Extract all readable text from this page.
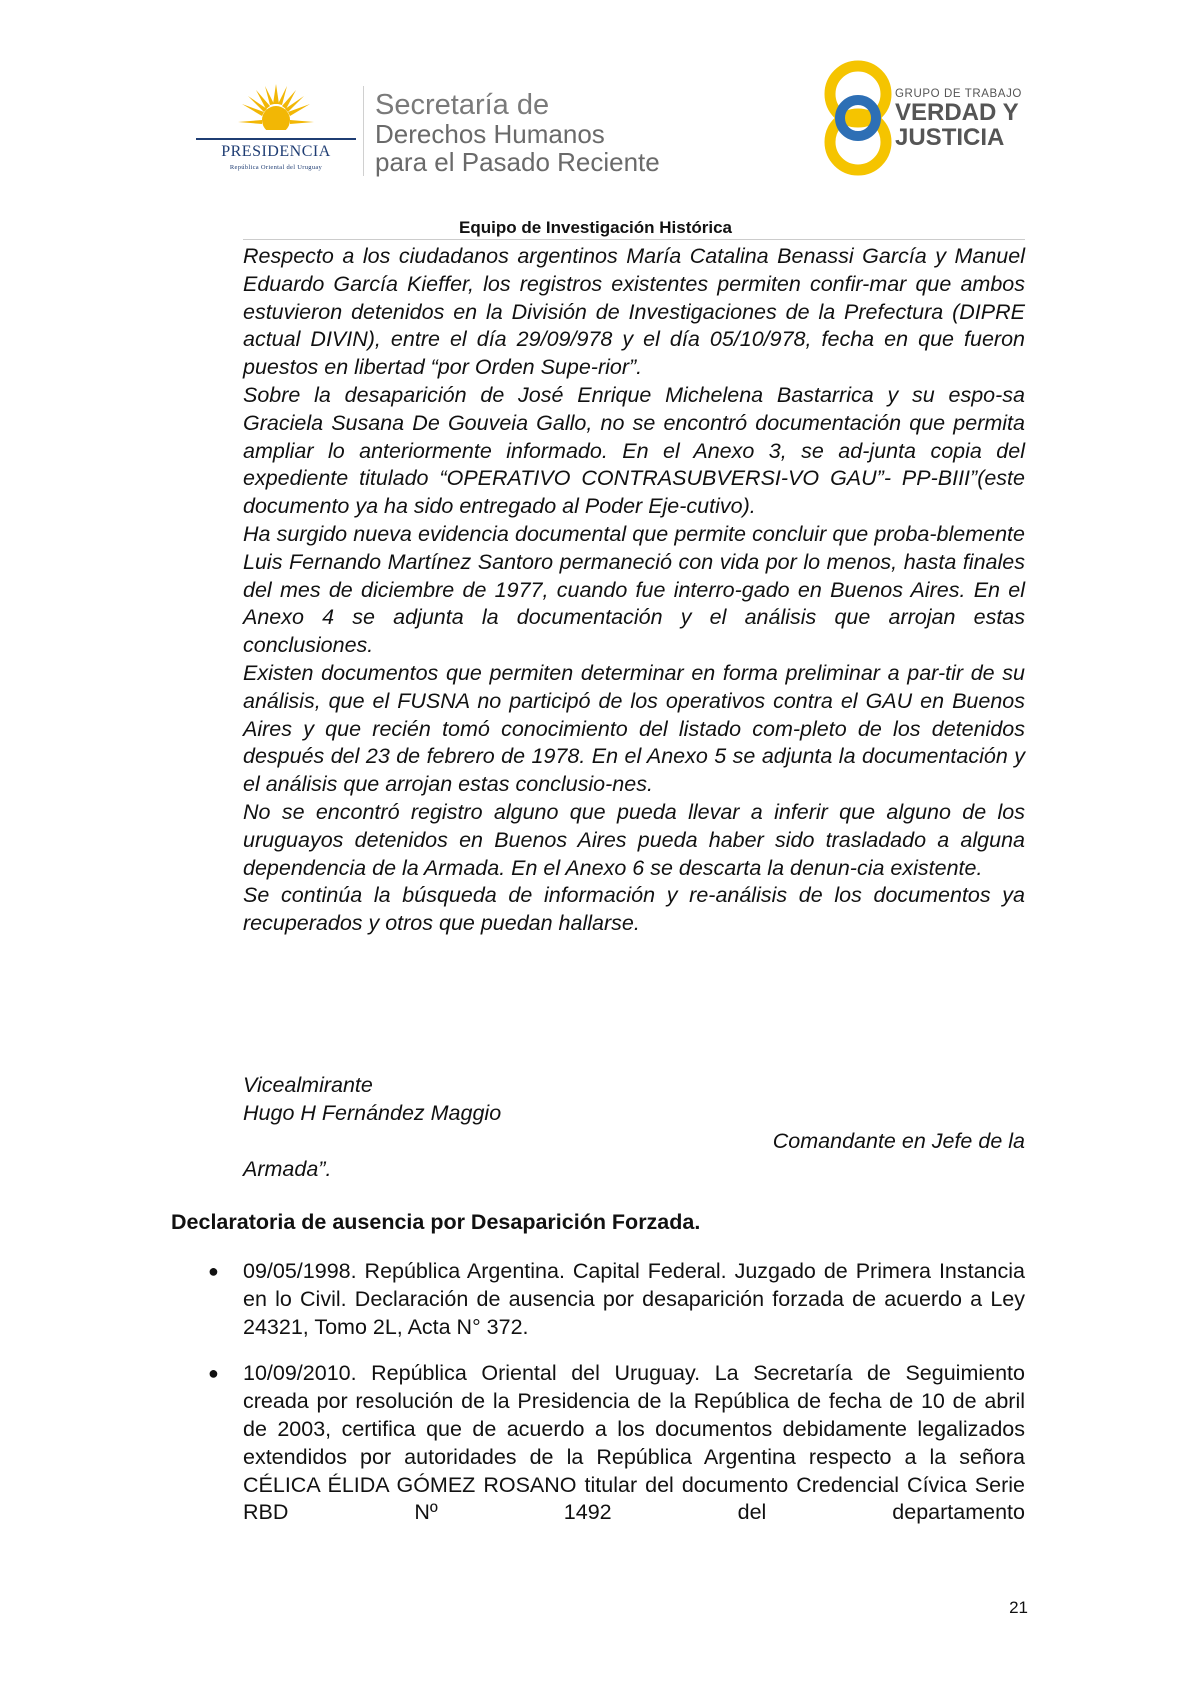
PRESIDENCIA
República Oriental del Uruguay
Secretaría de
Derechos Humanos
para el Pasado Reciente
GRUPO DE TRABAJO
VERDAD Y
JUSTICIA
Equipo de Investigación Histórica

Respecto a los ciudadanos argentinos María Catalina Benassi García y Manuel Eduardo García Kieffer, los registros existentes permiten confir-mar que ambos estuvieron detenidos en la División de Investigaciones de la Prefectura (DIPRE actual DIVIN), entre el día 29/09/978 y el día 05/10/978, fecha en que fueron puestos en libertad “por Orden Supe-rior”.

Sobre la desaparición de José Enrique Michelena Bastarrica y su espo-sa Graciela Susana De Gouveia Gallo, no se encontró documentación que permita ampliar lo anteriormente informado. En el Anexo 3, se ad-junta copia del expediente titulado “OPERATIVO CONTRASUBVERSI-VO GAU”- PP-BIII”(este documento ya ha sido entregado al Poder Eje-cutivo).

Ha surgido nueva evidencia documental que permite concluir que proba-blemente Luis Fernando Martínez Santoro permaneció con vida por lo menos, hasta finales del mes de diciembre de 1977, cuando fue interro-gado en Buenos Aires. En el Anexo 4 se adjunta la documentación y el análisis que arrojan estas conclusiones.

Existen documentos que permiten determinar en forma preliminar a par-tir de su análisis, que el FUSNA no participó de los operativos contra el GAU en Buenos Aires y que recién tomó conocimiento del listado com-pleto de los detenidos después del 23 de febrero de 1978. En el Anexo 5 se adjunta la documentación y el análisis que arrojan estas conclusio-nes.

No se encontró registro alguno que pueda llevar a inferir que alguno de los uruguayos detenidos en Buenos Aires pueda haber sido trasladado a alguna dependencia de la Armada. En el Anexo 6 se descarta la denun-cia existente.

Se continúa la búsqueda de información y re-análisis de los documentos ya recuperados y otros que puedan hallarse.

Vicealmirante
Hugo H Fernández Maggio
Comandante en Jefe de la
Armada”.
Declaratoria de ausencia por Desaparición Forzada.
● 09/05/1998. República Argentina. Capital Federal. Juzgado de Primera Instancia en lo Civil. Declaración de ausencia por desaparición forzada de acuerdo a Ley 24321, Tomo 2L, Acta N° 372.
● 10/09/2010. República Oriental del Uruguay. La Secretaría de Seguimiento creada por resolución de la Presidencia de la República de fecha de 10 de abril de 2003, certifica que de acuerdo a los documentos debidamente legalizados extendidos por autoridades de la República Argentina respecto a la señora CÉLICA ÉLIDA GÓMEZ ROSANO titular del documento Credencial Cívica Serie RBD Nº 1492 del departamento
21
